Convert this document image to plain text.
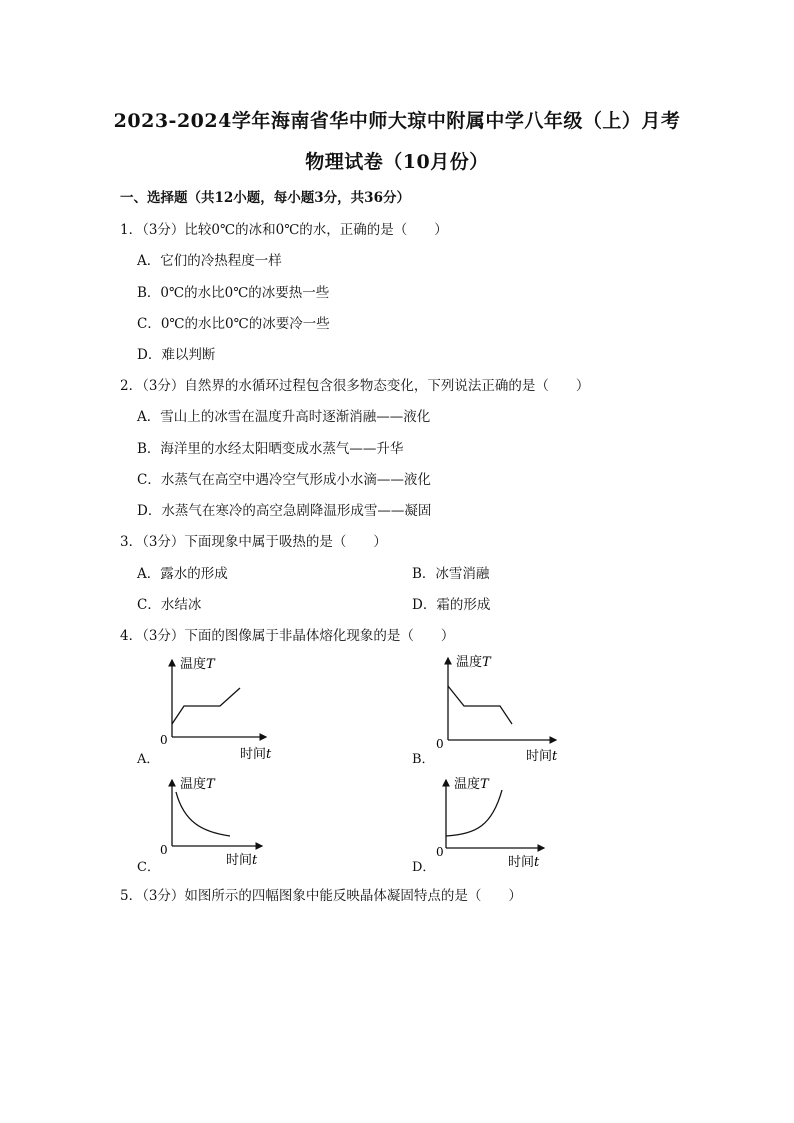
2023-2024学年海南省华中师大琼中附属中学八年级（上）月考
物理试卷（10月份）
一、选择题（共12小题，每小题3分，共36分）
1．（3分）比较0℃的冰和0℃的水，正确的是（　　）
A．它们的冷热程度一样
B．0℃的水比0℃的冰要热一些
C．0℃的水比0℃的冰要冷一些
D．难以判断
2．（3分）自然界的水循环过程包含很多物态变化，下列说法正确的是（　　）
A．雪山上的冰雪在温度升高时逐渐消融——液化
B．海洋里的水经太阳晒变成水蒸气——升华
C．水蒸气在高空中遇冷空气形成小水滴——液化
D．水蒸气在寒冷的高空急剧降温形成雪——凝固
3．（3分）下面现象中属于吸热的是（　　）
A．露水的形成	B．冰雪消融
C．水结冰	D．霜的形成
4．（3分）下面的图像属于非晶体熔化现象的是（　　）
温度T
0
时间t
A．
温度T
0
时间t
B．
温度T
0
时间t
C．
温度T
0
时间t
D．
5．（3分）如图所示的四幅图象中能反映晶体凝固特点的是（　　）
